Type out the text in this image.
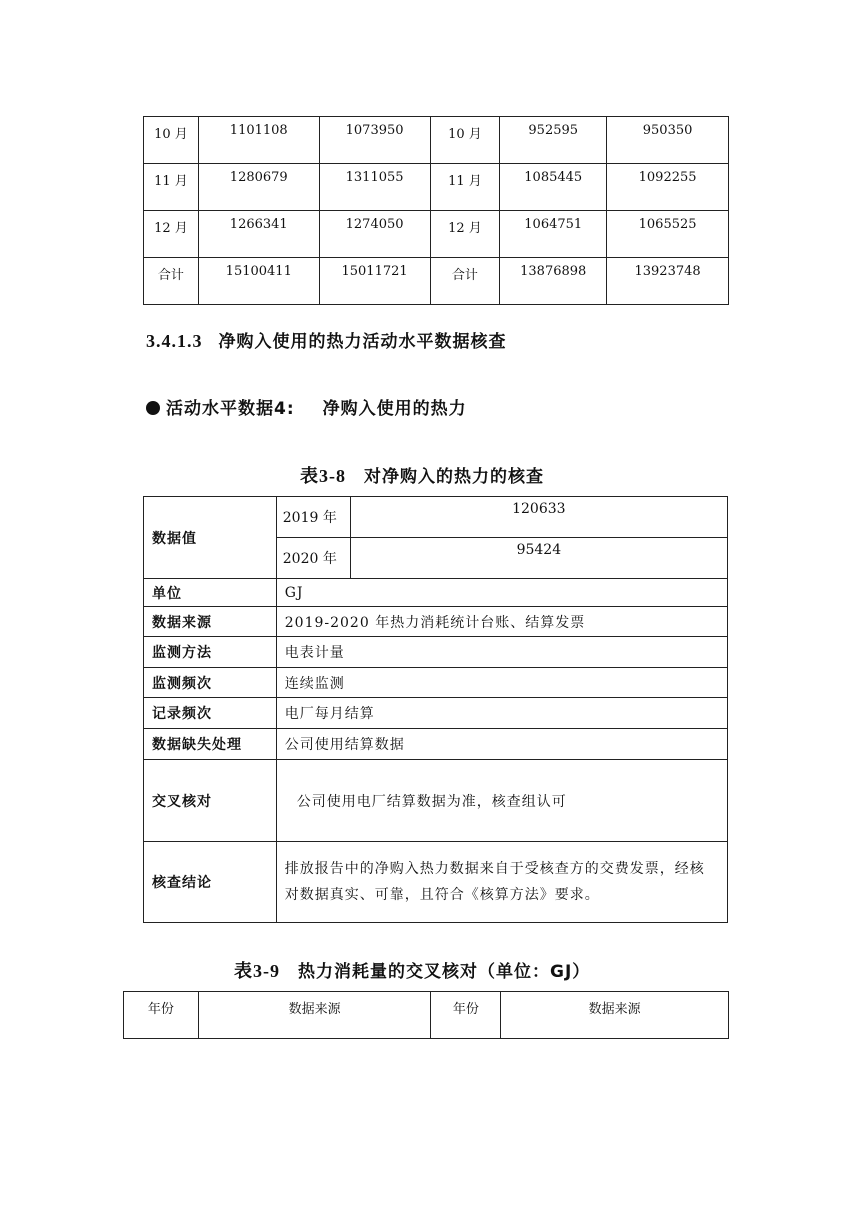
10 月	1101108	1073950	10 月	952595	950350
11 月	1280679	1311055	11 月	1085445	1092255
12 月	1266341	1274050	12 月	1064751	1065525
合计	15100411	15011721	合计	13876898	13923748
3.4.1.3 净购入使用的热力活动水平数据核查
活动水平数据4: 净购入使用的热力
表3-8 对净购入的热力的核查
数据值	2019 年	120633
	2020 年	95424
单位	GJ	
数据来源	2019-2020 年热力消耗统计台账、结算发票	
监测方法	电表计量	
监测频次	连续监测	
记录频次	电厂每月结算	
数据缺失处理	公司使用结算数据	
交叉核对	公司使用电厂结算数据为准，核查组认可	
核查结论	排放报告中的净购入热力数据来自于受核查方的交费发票，经核对数据真实、可靠，且符合《核算方法》要求。	
表3-9 热力消耗量的交叉核对（单位：GJ）
年份	数据来源	年份	数据来源
